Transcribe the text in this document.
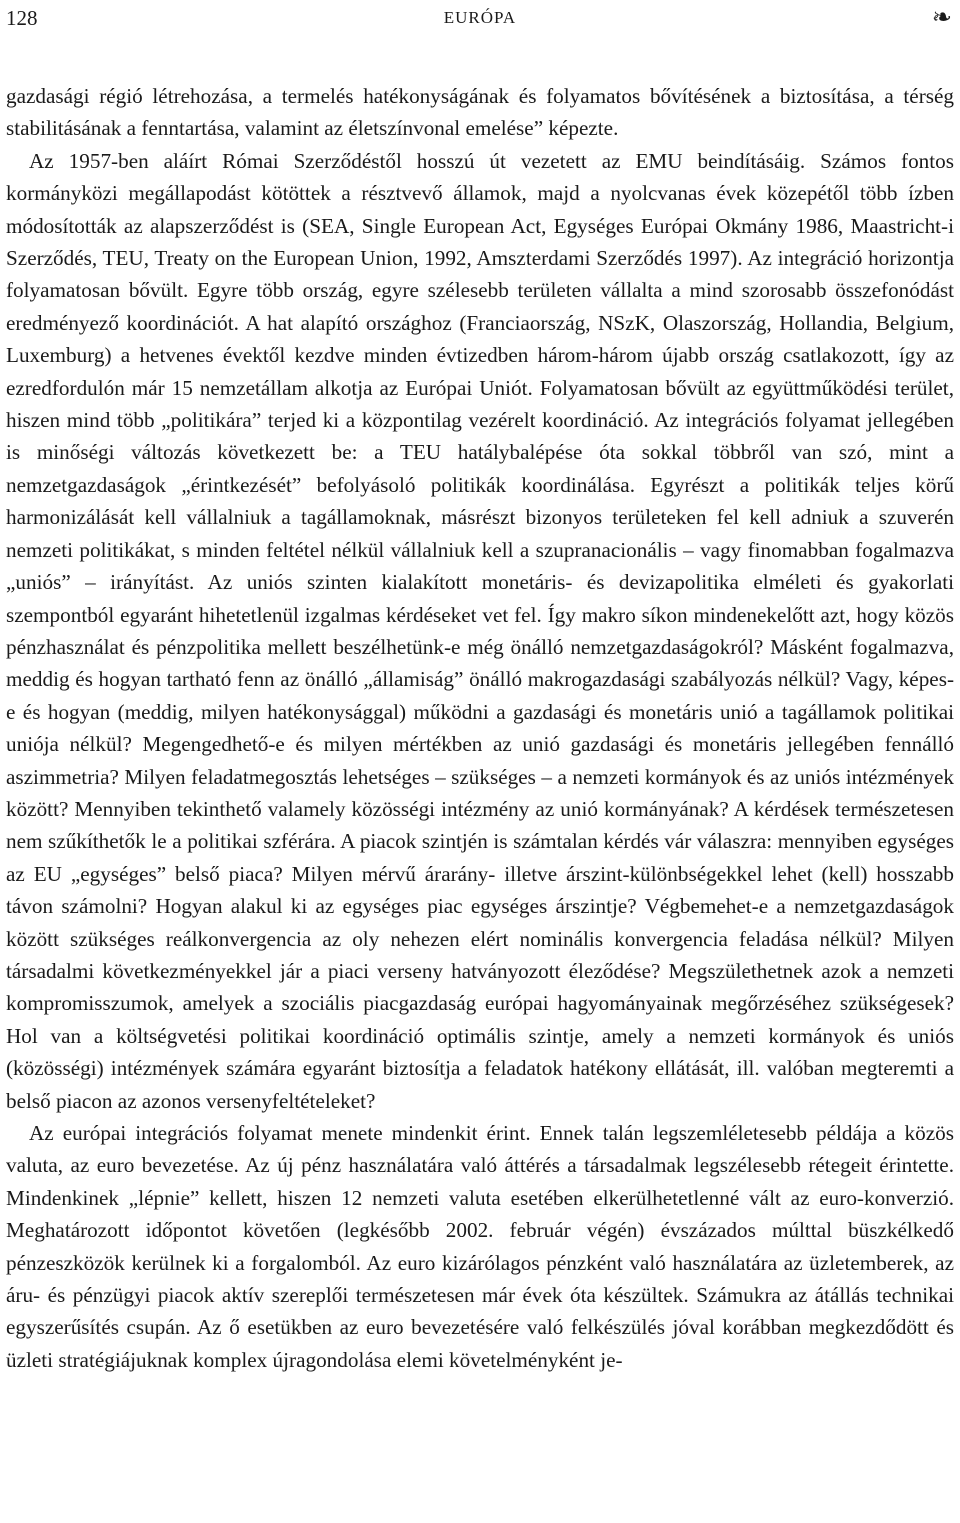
128	EURÓPA	❧

gazdasági régió létrehozása, a termelés hatékonyságának és folyamatos bővítésének a biztosítása, a térség stabilitásának a fenntartása, valamint az életszínvonal emelése” képezte.

Az 1957-ben aláírt Római Szerződéstől hosszú út vezetett az EMU beindításáig. Számos fontos kormányközi megállapodást kötöttek a résztvevő államok, majd a nyolcvanas évek közepétől több ízben módosították az alapszerződést is (SEA, Single European Act, Egységes Európai Okmány 1986, Maastricht-i Szerződés, TEU, Treaty on the European Union, 1992, Amszterdami Szerződés 1997). Az integráció horizontja folyamatosan bővült. Egyre több ország, egyre szélesebb területen vállalta a mind szorosabb összefonódást eredményező koordinációt. A hat alapító országhoz (Franciaország, NSzK, Olaszország, Hollandia, Belgium, Luxemburg) a hetvenes évektől kezdve minden évtizedben három-három újabb ország csatlakozott, így az ezredfordulón már 15 nemzetállam alkotja az Európai Uniót. Folyamatosan bővült az együttműködési terület, hiszen mind több „politikára” terjed ki a központilag vezérelt koordináció. Az integrációs folyamat jellegében is minőségi változás következett be: a TEU hatálybalépése óta sokkal többről van szó, mint a nemzetgazdaságok „érintkezését” befolyásoló politikák koordinálása. Egyrészt a politikák teljes körű harmonizálását kell vállalniuk a tagállamoknak, másrészt bizonyos területeken fel kell adniuk a szuverén nemzeti politikákat, s minden feltétel nélkül vállalniuk kell a szupranacionális – vagy finomabban fogalmazva „uniós” – irányítást. Az uniós szinten kialakított monetáris- és devizapolitika elméleti és gyakorlati szempontból egyaránt hihetetlenül izgalmas kérdéseket vet fel. Így makro síkon mindenekelőtt azt, hogy közös pénzhasználat és pénzpolitika mellett beszélhetünk-e még önálló nemzetgazdaságokról? Másként fogalmazva, meddig és hogyan tartható fenn az önálló „államiság” önálló makrogazdasági szabályozás nélkül? Vagy, képes-e és hogyan (meddig, milyen hatékonysággal) működni a gazdasági és monetáris unió a tagállamok politikai uniója nélkül? Megengedhető-e és milyen mértékben az unió gazdasági és monetáris jellegében fennálló aszimmetria? Milyen feladatmegosztás lehetséges – szükséges – a nemzeti kormányok és az uniós intézmények között? Mennyiben tekinthető valamely közösségi intézmény az unió kormányának? A kérdések természetesen nem szűkíthetők le a politikai szférára. A piacok szintjén is számtalan kérdés vár válaszra: mennyiben egységes az EU „egységes” belső piaca? Milyen mérvű árarány- illetve árszint-különbségekkel lehet (kell) hosszabb távon számolni? Hogyan alakul ki az egységes piac egységes árszintje? Végbemehet-e a nemzetgazdaságok között szükséges reálkonvergencia az oly nehezen elért nominális konvergencia feladása nélkül? Milyen társadalmi következményekkel jár a piaci verseny hatványozott éleződése? Megszülethetnek azok a nemzeti kompromisszumok, amelyek a szociális piacgazdaság európai hagyományainak megőrzéséhez szükségesek? Hol van a költségvetési politikai koordináció optimális szintje, amely a nemzeti kormányok és uniós (közösségi) intézmények számára egyaránt biztosítja a feladatok hatékony ellátását, ill. valóban megteremti a belső piacon az azonos versenyfeltételeket?

Az európai integrációs folyamat menete mindenkit érint. Ennek talán legszemléletesebb példája a közös valuta, az euro bevezetése. Az új pénz használatára való áttérés a társadalmak legszélesebb rétegeit érintette. Mindenkinek „lépnie” kellett, hiszen 12 nemzeti valuta esetében elkerülhetetlenné vált az euro-konverzió. Meghatározott időpontot követően (legkésőbb 2002. február végén) évszázados múlttal büszkélkedő pénzeszközök kerülnek ki a forgalomból. Az euro kizárólagos pénzként való használatára az üzletemberek, az áru- és pénzügyi piacok aktív szereplői természetesen már évek óta készültek. Számukra az átállás technikai egyszerűsítés csupán. Az ő esetükben az euro bevezetésére való felkészülés jóval korábban megkezdődött és üzleti stratégiájuknak komplex újragondolása elemi követelményként je-
